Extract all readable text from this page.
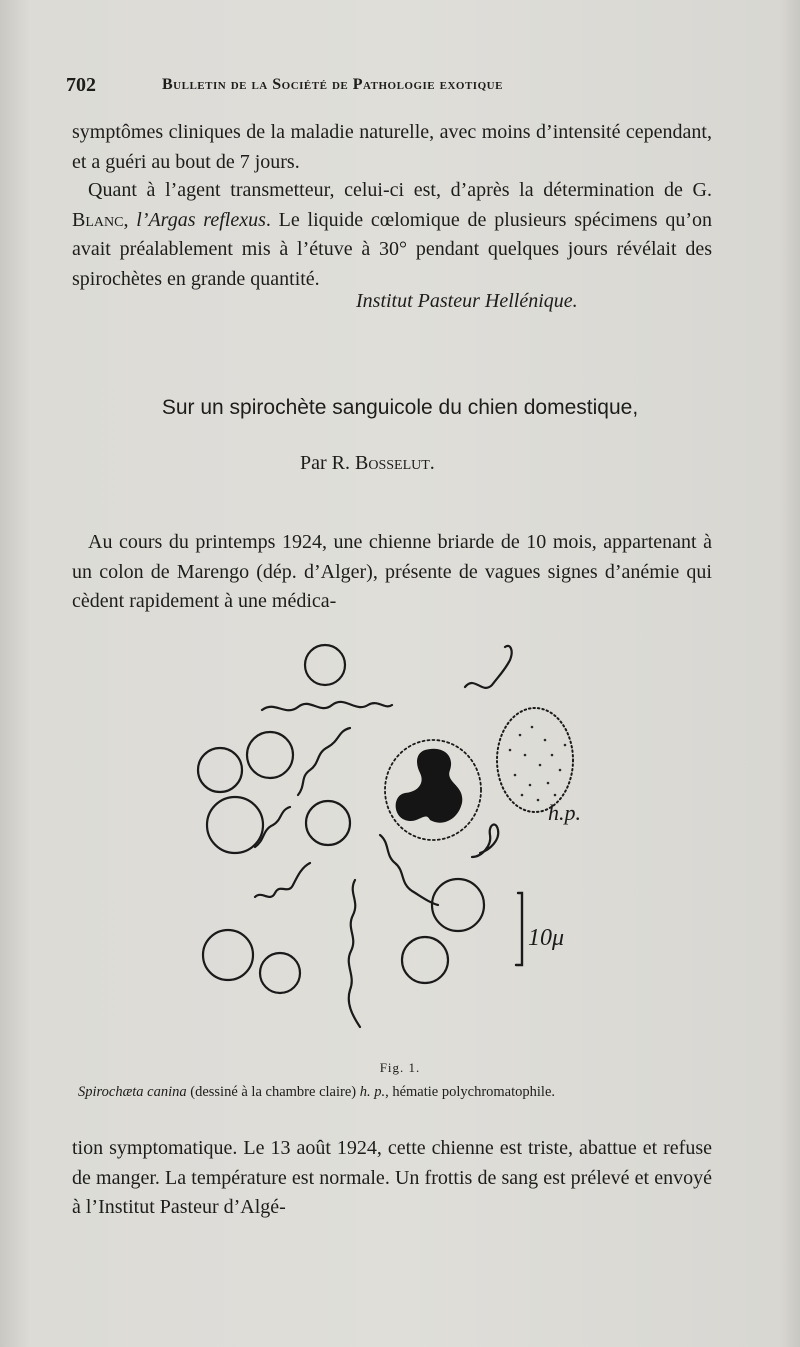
702	Bulletin de la Société de Pathologie exotique

symptômes cliniques de la maladie naturelle, avec moins d’intensité cependant, et a guéri au bout de 7 jours.

Quant à l’agent transmetteur, celui-ci est, d’après la détermination de G. Blanc, l’Argas reflexus. Le liquide cœlomique de plusieurs spécimens qu’on avait préalablement mis à l’étuve à 30° pendant quelques jours révélait des spirochètes en grande quantité.

Institut Pasteur Hellénique.
Sur un spirochète sanguicole du chien domestique,
Par R. Bosselut.

Au cours du printemps 1924, une chienne briarde de 10 mois, appartenant à un colon de Marengo (dép. d’Alger), présente de vagues signes d’anémie qui cèdent rapidement à une médica-

h.p.
10μ
Fig. 1.
Spirochæta canina (dessiné à la chambre claire) h. p., hématie polychromatophile.

tion symptomatique. Le 13 août 1924, cette chienne est triste, abattue et refuse de manger. La température est normale. Un frottis de sang est prélevé et envoyé à l’Institut Pasteur d’Algé-
